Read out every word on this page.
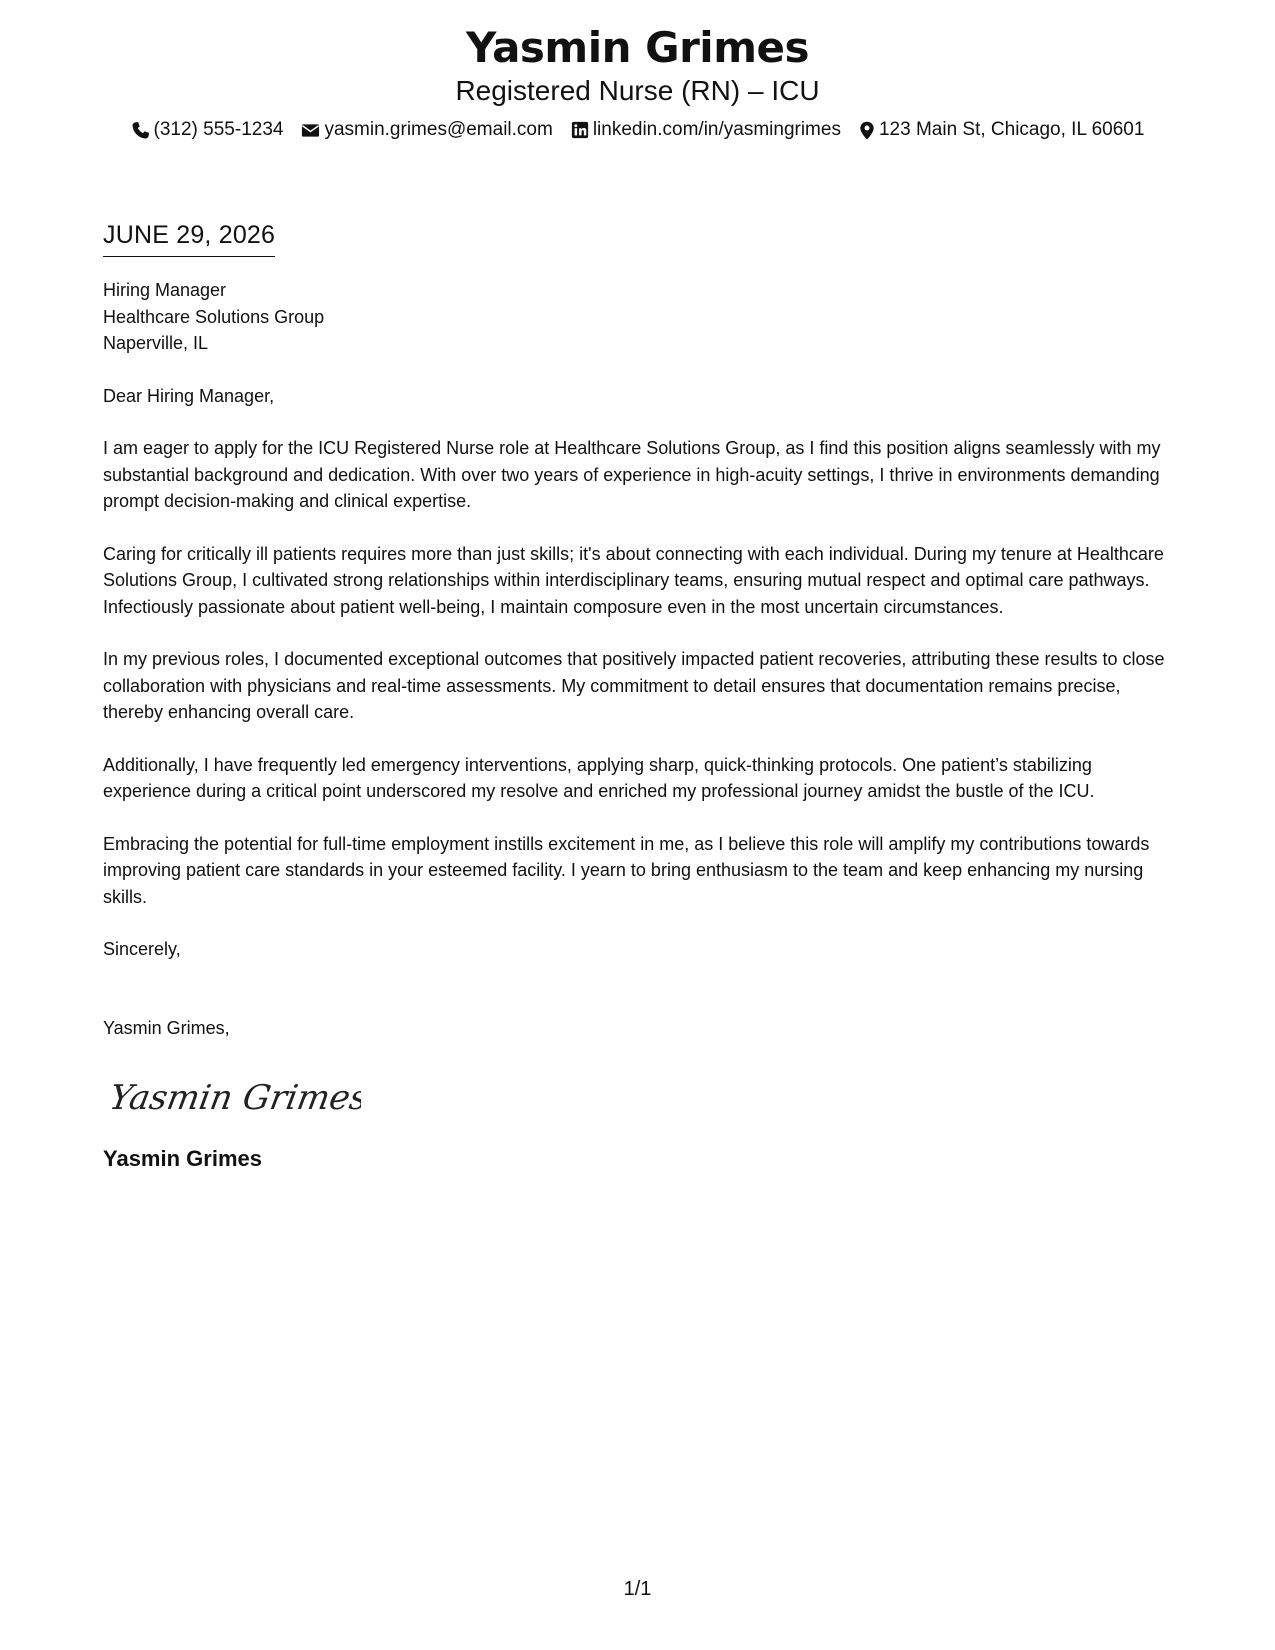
Yasmin Grimes
Registered Nurse (RN) – ICU
(312) 555-1234 yasmin.grimes@email.com linkedin.com/in/yasmingrimes 123 Main St, Chicago, IL 60601
JUNE 29, 2026
Hiring Manager
Healthcare Solutions Group
Naperville, IL
Dear Hiring Manager,
I am eager to apply for the ICU Registered Nurse role at Healthcare Solutions Group, as I find this position aligns seamlessly with my substantial background and dedication. With over two years of experience in high-acuity settings, I thrive in environments demanding prompt decision-making and clinical expertise.
Caring for critically ill patients requires more than just skills; it's about connecting with each individual. During my tenure at Healthcare Solutions Group, I cultivated strong relationships within interdisciplinary teams, ensuring mutual respect and optimal care pathways. Infectiously passionate about patient well-being, I maintain composure even in the most uncertain circumstances.
In my previous roles, I documented exceptional outcomes that positively impacted patient recoveries, attributing these results to close collaboration with physicians and real-time assessments. My commitment to detail ensures that documentation remains precise, thereby enhancing overall care.
Additionally, I have frequently led emergency interventions, applying sharp, quick-thinking protocols. One patient’s stabilizing experience during a critical point underscored my resolve and enriched my professional journey amidst the bustle of the ICU.
Embracing the potential for full-time employment instills excitement in me, as I believe this role will amplify my contributions towards improving patient care standards in your esteemed facility. I yearn to bring enthusiasm to the team and keep enhancing my nursing skills.
Sincerely,
Yasmin Grimes,
Yasmin Grimes
Yasmin Grimes
1/1
